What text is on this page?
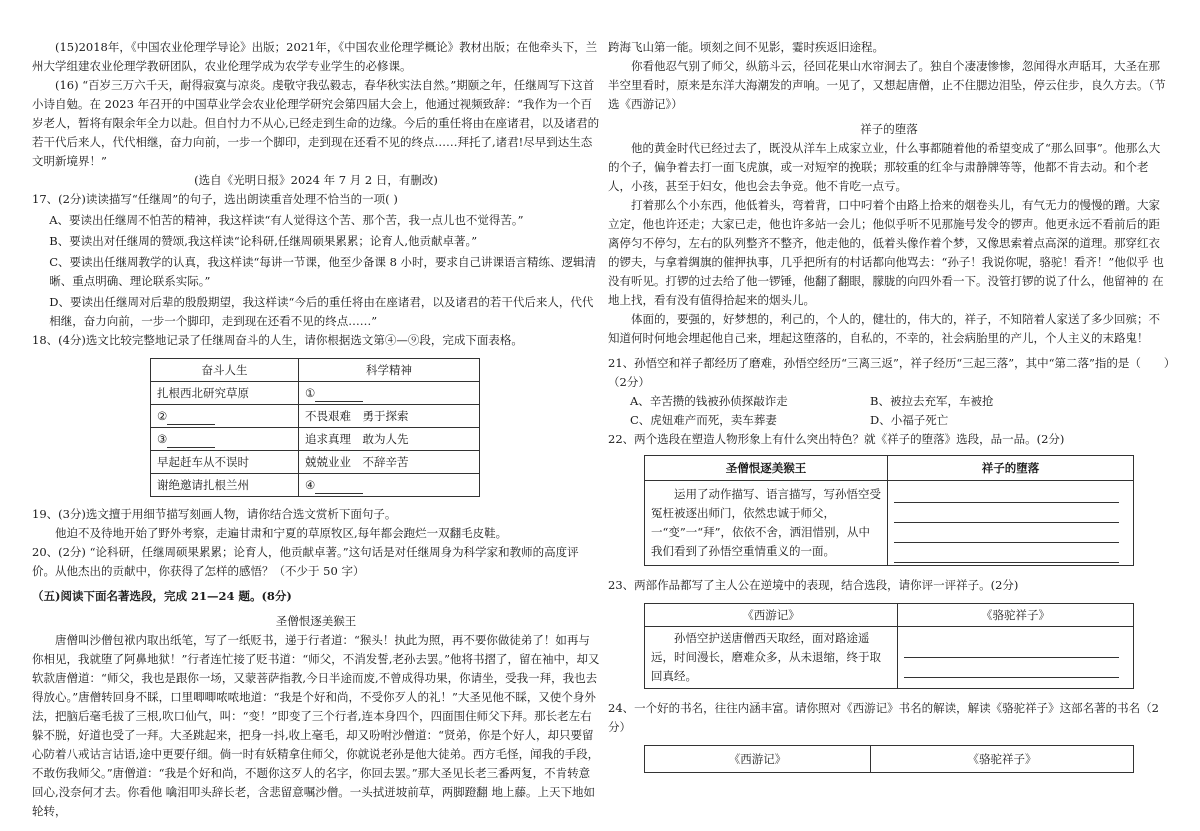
(15)2018年，《中国农业伦理学导论》出版；2021年，《中国农业伦理学概论》教材出版；在他牵头下，兰州大学组建农业伦理学教研团队，农业伦理学成为农学专业学生的必修课。

(16) “百岁三万六千天，耐得寂寞与凉炎。虔敬守我弘毅志，春华秋实法自然。”期颐之年，任继周写下这首小诗自勉。在 2023 年召开的中国草业学会农业伦理学研究会第四届大会上，他通过视频致辞：“我作为一个百岁老人，暂将有限余年全力以赴。但自忖力不从心,已经走到生命的边缘。今后的重任将由在座诸君，以及诸君的若干代后来人，代代相继，奋力向前，一步一个脚印，走到现在还看不见的终点……拜托了,诸君!尽早到达生态文明新境界！”

(选自《光明日报》2024 年 7 月 2 日，有删改)

17、(2分)读读描写“任继周”的句子，选出朗读重音处理不恰当的一项( )

A、要读出任继周不怕苦的精神，我这样读“有人觉得这个苦、那个苦，我一点儿也不觉得苦。”

B、要读出对任继周的赞颂,我这样读“论科研,任继周硕果累累；论育人,他贡献卓著。”

C、要读出任继周教学的认真，我这样读“每讲一节课，他至少备课 8 小时，要求自己讲课语言精练、逻辑清晰、重点明确、理论联系实际。”

D、要读出任继周对后辈的殷殷期望，我这样读“今后的重任将由在座诸君，以及诸君的若干代后来人，代代相继，奋力向前，一步一个脚印，走到现在还看不见的终点……”

18、(4分)选文比较完整地记录了任继周奋斗的人生，请你根据选文第④—⑨段，完成下面表格。

奋斗人生	科学精神
扎根西北研究草原	①
②	不畏艰难　勇于探索
③	追求真理　敢为人先
早起赶车从不误时	兢兢业业　不辞辛苦
谢绝邀请扎根兰州	④

19、(3分)选文擅于用细节描写刻画人物，请你结合选文赏析下面句子。

他迫不及待地开始了野外考察，走遍甘肃和宁夏的草原牧区,每年都会跑烂一双翻毛皮鞋。

20、(2分) “论科研，任继周硕果累累；论育人，他贡献卓著。”这句话是对任继周身为科学家和教师的高度评价。从他杰出的贡献中，你获得了怎样的感悟？（不少于 50 字）

（五)阅读下面名著选段，完成 21—24 题。(8分)

圣僧恨逐美猴王

唐僧叫沙僧包袱内取出纸笔，写了一纸贬书，递于行者道：“猴头！执此为照，再不要你做徒弟了！如再与你相见，我就堕了阿鼻地狱！”行者连忙接了贬书道：“师父，不消发誓,老孙去罢。”他将书摺了，留在袖中，却又软款唐僧道：“师父，我也是跟你一场，又蒙菩萨指教,今日半途而废,不曾成得功果，你请坐，受我一拜，我也去得放心。”唐僧转回身不睬，口里唧唧哝哝地道：“我是个好和尚，不受你歹人的礼！”大圣见他不睬，又使个身外法，把脑后毫毛拔了三根,吹口仙气，叫：“变！”即变了三个行者,连本身四个，四面围住师父下拜。那长老左右躲不脱，好道也受了一拜。大圣跳起来，把身一抖,收上毫毛，却又吩咐沙僧道：“贤弟，你是个好人，却只要留心防着八戒诂言诂语,途中更要仔细。倘一时有妖精拿住师父，你就说老孙是他大徒弟。西方毛怪，闻我的手段，不敢伤我师父。”唐僧道：“我是个好和尚，不题你这歹人的名字，你回去罢。”那大圣见长老三番两复，不肯转意回心,没奈何才去。你看他 噙泪叩头辞长老，含悲留意嘱沙僧。一头拭迸坡前草，两脚蹬翻 地上藤。上天下地如轮转，

跨海飞山第一能。顷刻之间不见影，霎时疾返旧途程。

你看他忍气别了师父，纵筋斗云，径回花果山水帘洞去了。独自个凄凄惨惨，忽闻得水声聒耳，大圣在那半空里看时，原来是东洋大海潮发的声响。一见了，又想起唐僧，止不住腮边泪坠，停云住步，良久方去。（节选《西游记》）

祥子的堕落

他的黄金时代已经过去了，既没从洋车上成家立业，什么事都随着他的希望变成了“那么回事”。他那么大的个子，偏争着去打一面飞虎旗，或一对短窄的挽联；那较重的红伞与肃静牌等等，他都不肯去动。和个老人，小孩，甚至于妇女，他也会去争竞。他不肯吃一点亏。

打着那么个小东西，他低着头，弯着背，口中叼着个由路上拾来的烟卷头儿，有气无力的慢慢的蹭。大家立定，他也许还走；大家已走，他也许多站一会儿；他似乎听不见那施号发令的锣声。他更永远不看前后的距离停匀不停匀，左右的队列整齐不整齐，他走他的，低着头像作着个梦，又像思索着点高深的道理。那穿红衣 的锣夫，与拿着绸旗的催押执事，几乎把所有的村话都向他骂去：“孙子！我说你呢，骆驼！看齐！”他似乎 也没有听见。打锣的过去给了他一锣锤，他翻了翻眼，朦胧的向四外看一下。没管打锣的说了什么，他留神的 在地上找，看有没有值得拾起来的烟头儿。

体面的，要强的，好梦想的，利己的，个人的，健壮的，伟大的，祥子，不知陪着人家送了多少回殡；不知道何时何地会埋起他自己来，埋起这堕落的，自私的，不幸的，社会病胎里的产儿，个人主义的末路鬼！

21、孙悟空和祥子都经历了磨难，孙悟空经历“三离三返”，祥子经历“三起三落”，其中“第二落”指的是（　　）（2分）

A、辛苦攒的钱被孙侦探敲诈走	B、被拉去充军，车被抢
C、虎妞难产而死，卖车葬妻	D、小福子死亡

22、两个选段在塑造人物形象上有什么突出特色？就《祥子的堕落》选段，品一品。(2分)

圣僧恨逐美猴王	祥子的堕落

运用了动作描写、语言描写，写孙悟空受冤枉被逐出师门，依然忠诚于师父，一“变”一“拜”，依依不舍，洒泪惜别，从中我们看到了孙悟空重情重义的一面。	

23、两部作品都写了主人公在逆境中的表现，结合选段，请你评一评祥子。(2分)

《西游记》	《骆驼祥子》

孙悟空护送唐僧西天取经，面对路途遥远，时间漫长，磨难众多，从未退缩，终于取回真经。	

24、一个好的书名，往往内涵丰富。请你照对《西游记》书名的解读，解读《骆驼祥子》这部名著的书名（2分）

《西游记》	《骆驼祥子》
